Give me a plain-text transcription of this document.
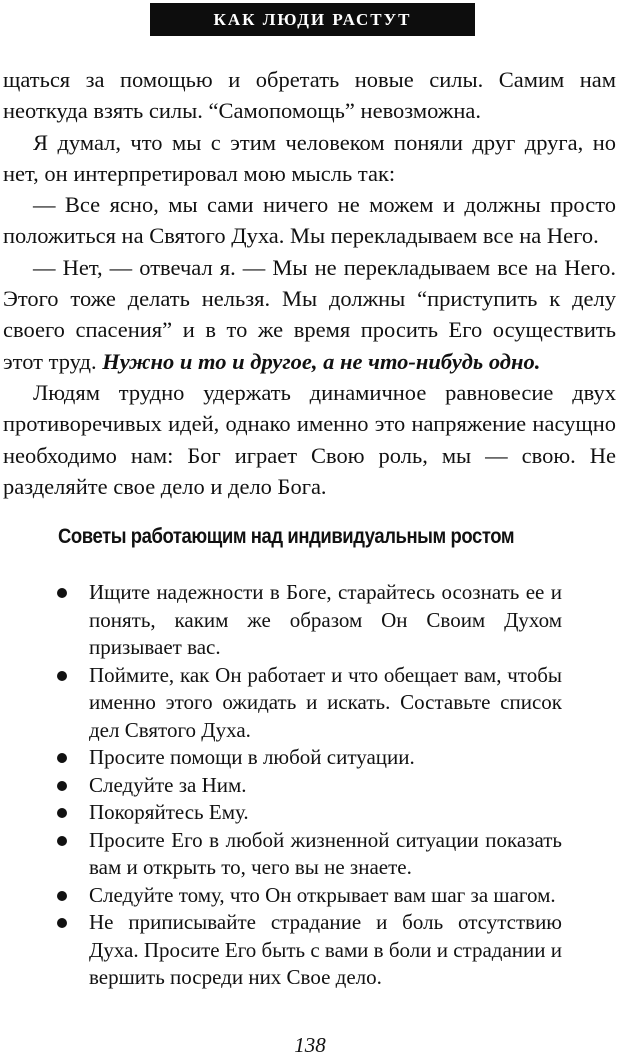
КАК ЛЮДИ РАСТУТ

щаться за помощью и обретать новые силы. Самим нам неоткуда взять силы. “Самопомощь” невозможна.

Я думал, что мы с этим человеком поняли друг друга, но нет, он интерпретировал мою мысль так:

— Все ясно, мы сами ничего не можем и должны просто положиться на Святого Духа. Мы перекладываем все на Него.

— Нет, — отвечал я. — Мы не перекладываем все на Него. Этого тоже делать нельзя. Мы должны “приступить к делу своего спасения” и в то же время просить Его осуществить этот труд. Нужно и то и другое, а не что-нибудь одно.

Людям трудно удержать динамичное равновесие двух противоречивых идей, однако именно это напряжение насущно необходимо нам: Бог играет Свою роль, мы — свою. Не разделяйте свое дело и дело Бога.

Советы работающим над индивидуальным ростом
Ищите надежности в Боге, старайтесь осознать ее и понять, каким же образом Он Своим Духом призывает вас.
Поймите, как Он работает и что обещает вам, чтобы именно этого ожидать и искать. Составьте список дел Святого Духа.
Просите помощи в любой ситуации.
Следуйте за Ним.
Покоряйтесь Ему.
Просите Его в любой жизненной ситуации показать вам и открыть то, чего вы не знаете.
Следуйте тому, что Он открывает вам шаг за шагом.
Не приписывайте страдание и боль отсутствию Духа. Просите Его быть с вами в боли и страдании и вершить посреди них Свое дело.
138
